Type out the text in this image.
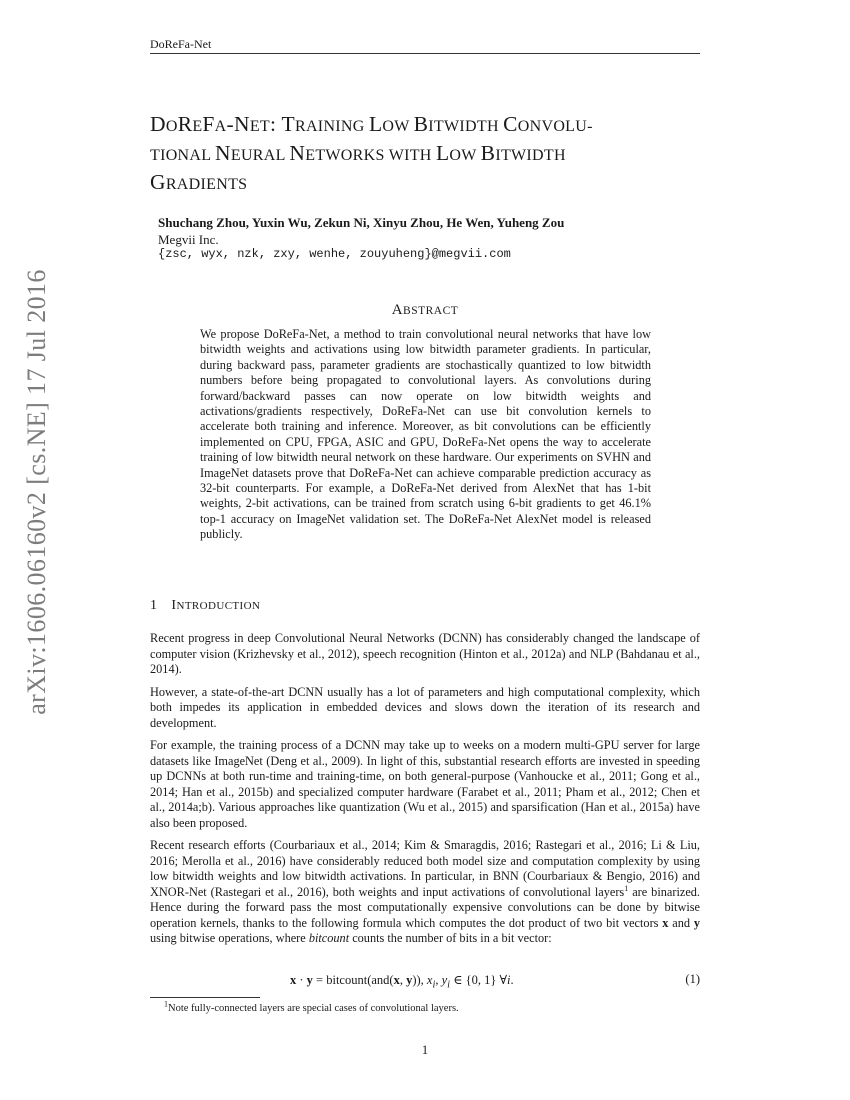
arXiv:1606.06160v2 [cs.NE] 17 Jul 2016
DoReFa-Net
DOREFA-NET: TRAINING LOW BITWIDTH CONVOLU-
TIONAL NEURAL NETWORKS WITH LOW BITWIDTH
GRADIENTS
Shuchang Zhou, Yuxin Wu, Zekun Ni, Xinyu Zhou, He Wen, Yuheng Zou
Megvii Inc.
{zsc, wyx, nzk, zxy, wenhe, zouyuheng}@megvii.com
ABSTRACT

We propose DoReFa-Net, a method to train convolutional neural networks that have low bitwidth weights and activations using low bitwidth parameter gradients. In particular, during backward pass, parameter gradients are stochastically quantized to low bitwidth numbers before being propagated to convolutional layers. As convolutions during forward/backward passes can now operate on low bitwidth weights and activations/gradients respectively, DoReFa-Net can use bit convolution kernels to accelerate both training and inference. Moreover, as bit convolutions can be efficiently implemented on CPU, FPGA, ASIC and GPU, DoReFa-Net opens the way to accelerate training of low bitwidth neural network on these hardware. Our experiments on SVHN and ImageNet datasets prove that DoReFa-Net can achieve comparable prediction accuracy as 32-bit counterparts. For example, a DoReFa-Net derived from AlexNet that has 1-bit weights, 2-bit activations, can be trained from scratch using 6-bit gradients to get 46.1% top-1 accuracy on ImageNet validation set. The DoReFa-Net AlexNet model is released publicly.

1 INTRODUCTION

Recent progress in deep Convolutional Neural Networks (DCNN) has considerably changed the landscape of computer vision (Krizhevsky et al., 2012), speech recognition (Hinton et al., 2012a) and NLP (Bahdanau et al., 2014).

However, a state-of-the-art DCNN usually has a lot of parameters and high computational complexity, which both impedes its application in embedded devices and slows down the iteration of its research and development.

For example, the training process of a DCNN may take up to weeks on a modern multi-GPU server for large datasets like ImageNet (Deng et al., 2009). In light of this, substantial research efforts are invested in speeding up DCNNs at both run-time and training-time, on both general-purpose (Vanhoucke et al., 2011; Gong et al., 2014; Han et al., 2015b) and specialized computer hardware (Farabet et al., 2011; Pham et al., 2012; Chen et al., 2014a;b). Various approaches like quantization (Wu et al., 2015) and sparsification (Han et al., 2015a) have also been proposed.

Recent research efforts (Courbariaux et al., 2014; Kim & Smaragdis, 2016; Rastegari et al., 2016; Li & Liu, 2016; Merolla et al., 2016) have considerably reduced both model size and computation complexity by using low bitwidth weights and low bitwidth activations. In particular, in BNN (Courbariaux & Bengio, 2016) and XNOR-Net (Rastegari et al., 2016), both weights and input activations of convolutional layers$^1$ are binarized. Hence during the forward pass the most computationally expensive convolutions can be done by bitwise operation kernels, thanks to the following formula which computes the dot product of two bit vectors x and y using bitwise operations, where bitcount counts the number of bits in a bit vector:

x · y = bitcount(and(x, y)), $x_i$, $y_i$ ∈ {0, 1} ∀i.	(1)
$^1$Note fully-connected layers are special cases of convolutional layers.
1
